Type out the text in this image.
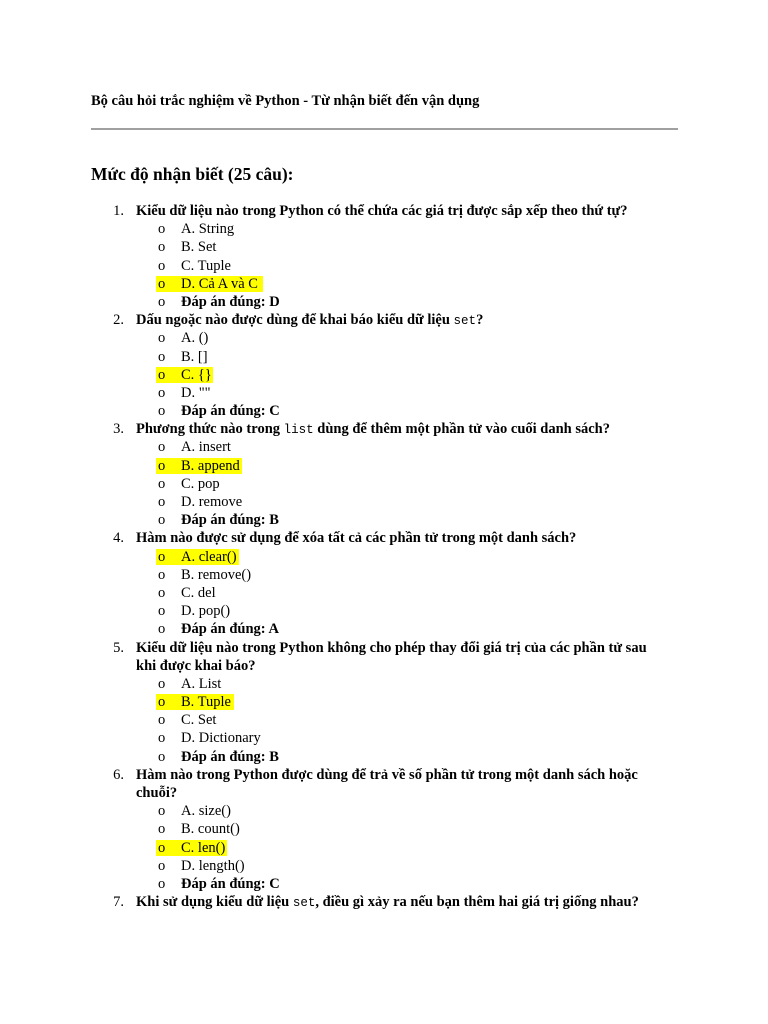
Bộ câu hỏi trắc nghiệm về Python - Từ nhận biết đến vận dụng
Mức độ nhận biết (25 câu):
1. Kiểu dữ liệu nào trong Python có thể chứa các giá trị được sắp xếp theo thứ tự?
o A. String
o B. Set
o C. Tuple
o D. Cả A và C
o Đáp án đúng: D
2. Dấu ngoặc nào được dùng để khai báo kiểu dữ liệu set?
o A. ()
o B. []
o C. {}
o D. ""
o Đáp án đúng: C
3. Phương thức nào trong list dùng để thêm một phần tử vào cuối danh sách?
o A. insert
o B. append
o C. pop
o D. remove
o Đáp án đúng: B
4. Hàm nào được sử dụng để xóa tất cả các phần tử trong một danh sách?
o A. clear()
o B. remove()
o C. del
o D. pop()
o Đáp án đúng: A
5. Kiểu dữ liệu nào trong Python không cho phép thay đổi giá trị của các phần tử sau
khi được khai báo?
o A. List
o B. Tuple
o C. Set
o D. Dictionary
o Đáp án đúng: B
6. Hàm nào trong Python được dùng để trả về số phần tử trong một danh sách hoặc
chuỗi?
o A. size()
o B. count()
o C. len()
o D. length()
o Đáp án đúng: C
7. Khi sử dụng kiểu dữ liệu set, điều gì xảy ra nếu bạn thêm hai giá trị giống nhau?
